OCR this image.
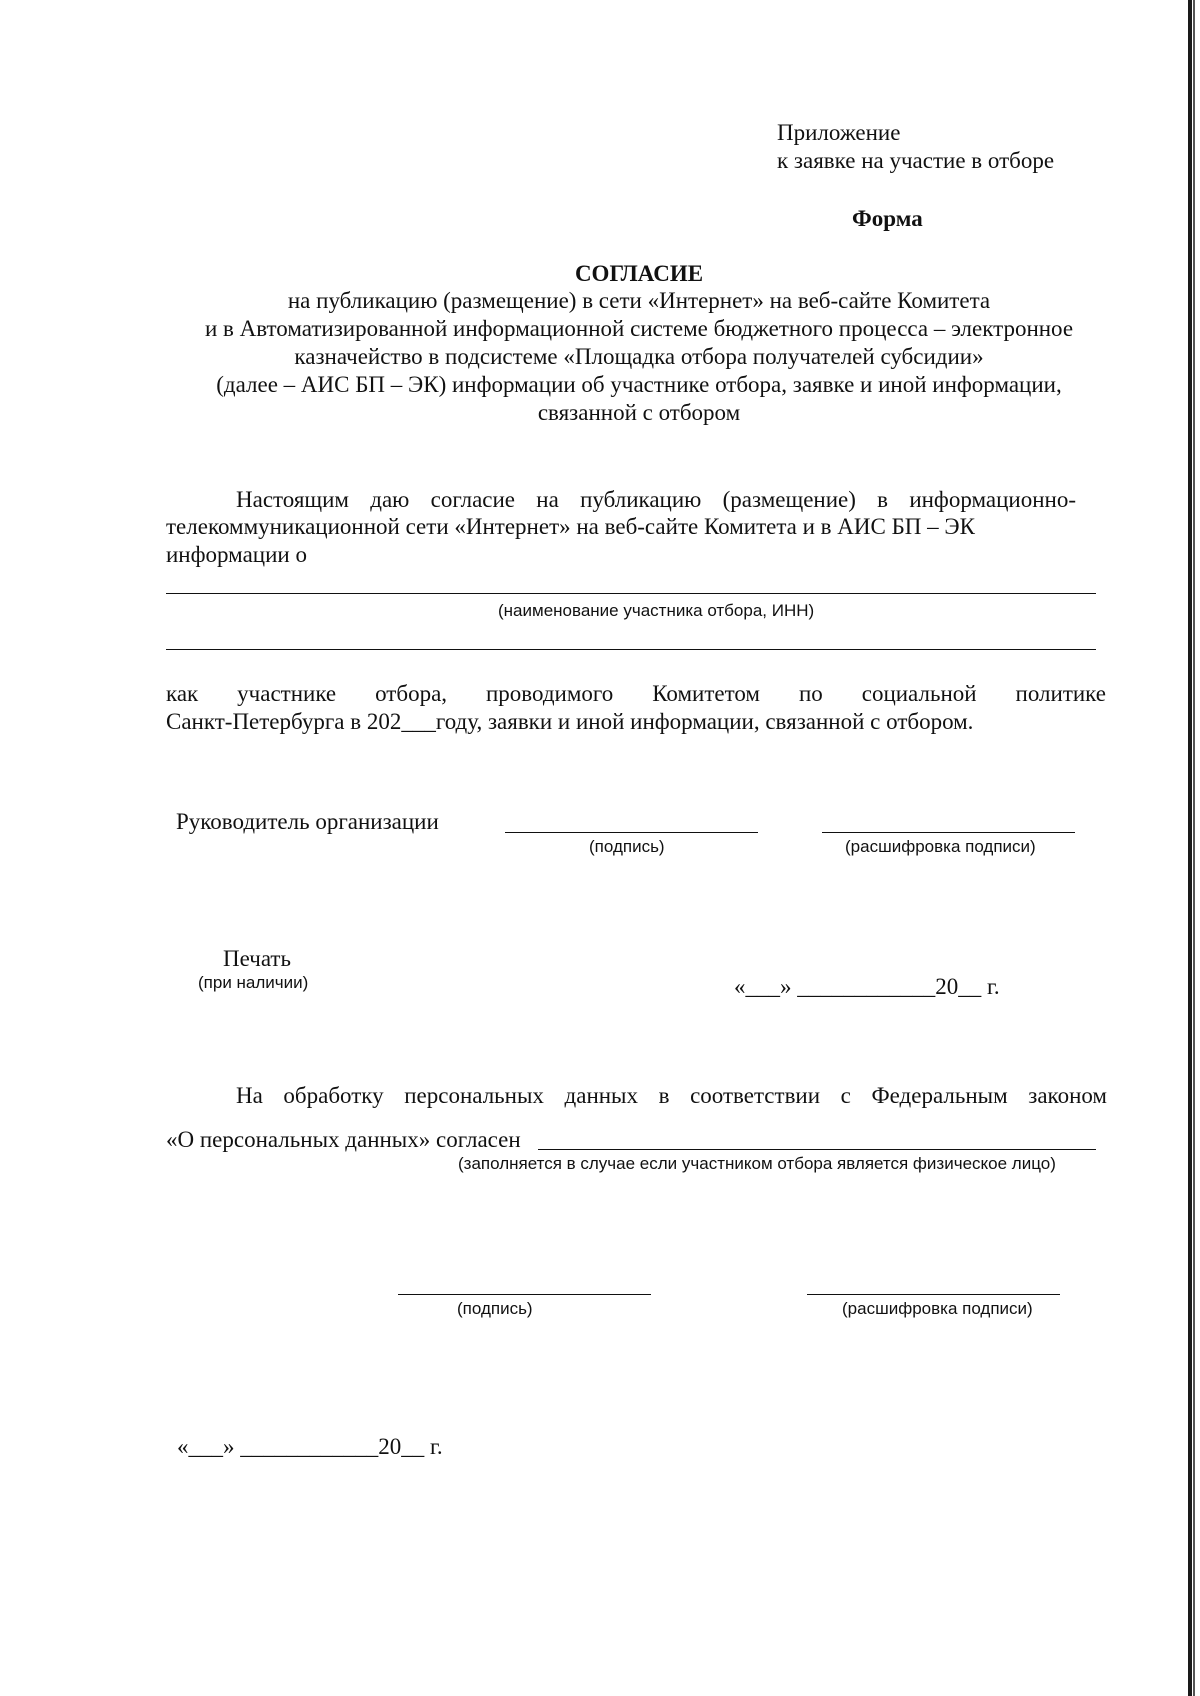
Приложение
к заявке на участие в отборе
Форма
СОГЛАСИЕ
на публикацию (размещение) в сети «Интернет» на веб-сайте Комитета
и в Автоматизированной информационной системе бюджетного процесса – электронное
казначейство в подсистеме «Площадка отбора получателей субсидии»
(далее – АИС БП – ЭК) информации об участнике отбора, заявке и иной информации,
связанной с отбором
Настоящим даю согласие на публикацию (размещение) в информационно-
телекоммуникационной сети «Интернет» на веб-сайте Комитета и в АИС БП – ЭК
информации о
(наименование участника отбора, ИНН)
как участнике отбора, проводимого Комитетом по социальной политике
Санкт-Петербурга в 202___году, заявки и иной информации, связанной с отбором.
Руководитель организации
(подпись)	(расшифровка подписи)
Печать
(при наличии)	«___» ____________20__ г.
На обработку персональных данных в соответствии с Федеральным законом
«О персональных данных» согласен
(заполняется в случае если участником отбора является физическое лицо)
(подпись)	(расшифровка подписи)
«___» ____________20__ г.
